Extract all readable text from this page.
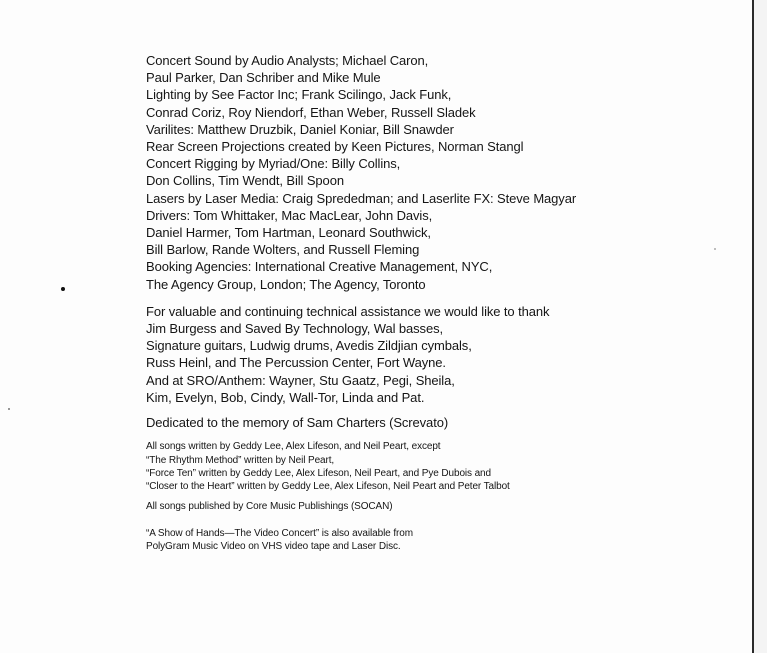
Concert Sound by Audio Analysts; Michael Caron,
Paul Parker, Dan Schriber and Mike Mule
Lighting by See Factor Inc; Frank Scilingo, Jack Funk,
Conrad Coriz, Roy Niendorf, Ethan Weber, Russell Sladek
Varilites: Matthew Druzbik, Daniel Koniar, Bill Snawder
Rear Screen Projections created by Keen Pictures, Norman Stangl
Concert Rigging by Myriad/One: Billy Collins,
Don Collins, Tim Wendt, Bill Spoon
Lasers by Laser Media: Craig Sprededman; and Laserlite FX: Steve Magyar
Drivers: Tom Whittaker, Mac MacLear, John Davis,
Daniel Harmer, Tom Hartman, Leonard Southwick,
Bill Barlow, Rande Wolters, and Russell Fleming
Booking Agencies: International Creative Management, NYC,
The Agency Group, London; The Agency, Toronto
For valuable and continuing technical assistance we would like to thank
Jim Burgess and Saved By Technology, Wal basses,
Signature guitars, Ludwig drums, Avedis Zildjian cymbals,
Russ Heinl, and The Percussion Center, Fort Wayne.
And at SRO/Anthem: Wayner, Stu Gaatz, Pegi, Sheila,
Kim, Evelyn, Bob, Cindy, Wall-Tor, Linda and Pat.
Dedicated to the memory of Sam Charters (Screvato)
All songs written by Geddy Lee, Alex Lifeson, and Neil Peart, except
“The Rhythm Method” written by Neil Peart,
“Force Ten” written by Geddy Lee, Alex Lifeson, Neil Peart, and Pye Dubois and
“Closer to the Heart” written by Geddy Lee, Alex Lifeson, Neil Peart and Peter Talbot
All songs published by Core Music Publishings (SOCAN)
“A Show of Hands—The Video Concert” is also available from
PolyGram Music Video on VHS video tape and Laser Disc.
